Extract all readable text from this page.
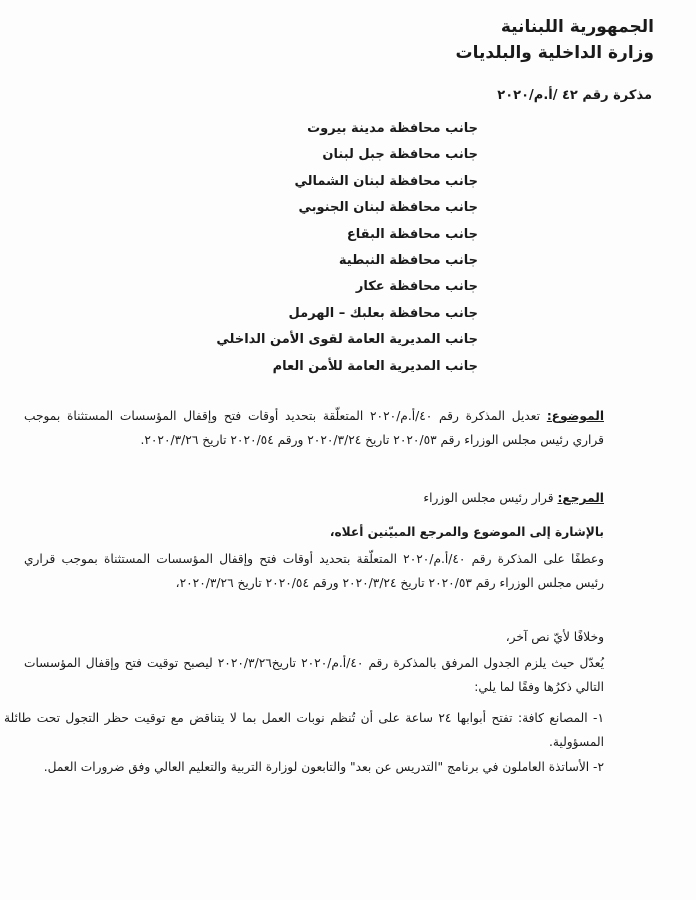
الجمهورية اللبنانية
وزارة الداخلية والبلديات
مذكرة رقم ٤٢ /أ.م/٢٠٢٠
جانب محافظة مدينة بيروت
جانب محافظة جبل لبنان
جانب محافظة لبنان الشمالي
جانب محافظة لبنان الجنوبي
جانب محافظة البقاع
جانب محافظة النبطية
جانب محافظة عكار
جانب محافظة بعلبك – الهرمل
جانب المديرية العامة لقوى الأمن الداخلي
جانب المديرية العامة للأمن العام
الموضوع: تعديل المذكرة رقم ٤٠/أ.م/٢٠٢٠ المتعلّقة بتحديد أوقات فتح وإقفال المؤسسات المستثناة بموجب قراري رئيس مجلس الوزراء رقم ٢٠٢٠/٥٣ تاريخ ٢٠٢٠/٣/٢٤ ورقم ٢٠٢٠/٥٤ تاريخ ٢٠٢٠/٣/٢٦.
المرجع: قرار رئيس مجلس الوزراء
بالإشارة إلى الموضوع والمرجع المبيّنين أعلاه،
وعطفًا على المذكرة رقم ٤٠/أ.م/٢٠٢٠ المتعلّقة بتحديد أوقات فتح وإقفال المؤسسات المستثناة بموجب قراري رئيس مجلس الوزراء رقم ٢٠٢٠/٥٣ تاريخ ٢٠٢٠/٣/٢٤ ورقم ٢٠٢٠/٥٤ تاريخ ٢٠٢٠/٣/٢٦،
وخلافًا لأيّ نص آخر،
يُعدّل حيث يلزم الجدول المرفق بالمذكرة رقم ٤٠/أ.م/٢٠٢٠ تاريخ٢٠٢٠/٣/٢٦ ليصبح توقيت فتح وإقفال المؤسسات التالي ذكرُها وفقًا لما يلي:
١- المصانع كافة: تفتح أبوابها ٢٤ ساعة على أن تُنظم نوبات العمل بما لا يتناقض مع توقيت حظر التجول تحت طائلة المسؤولية.
٢- الأساتذة العاملون في برنامج "التدريس عن بعد" والتابعون لوزارة التربية والتعليم العالي وفق ضرورات العمل.
